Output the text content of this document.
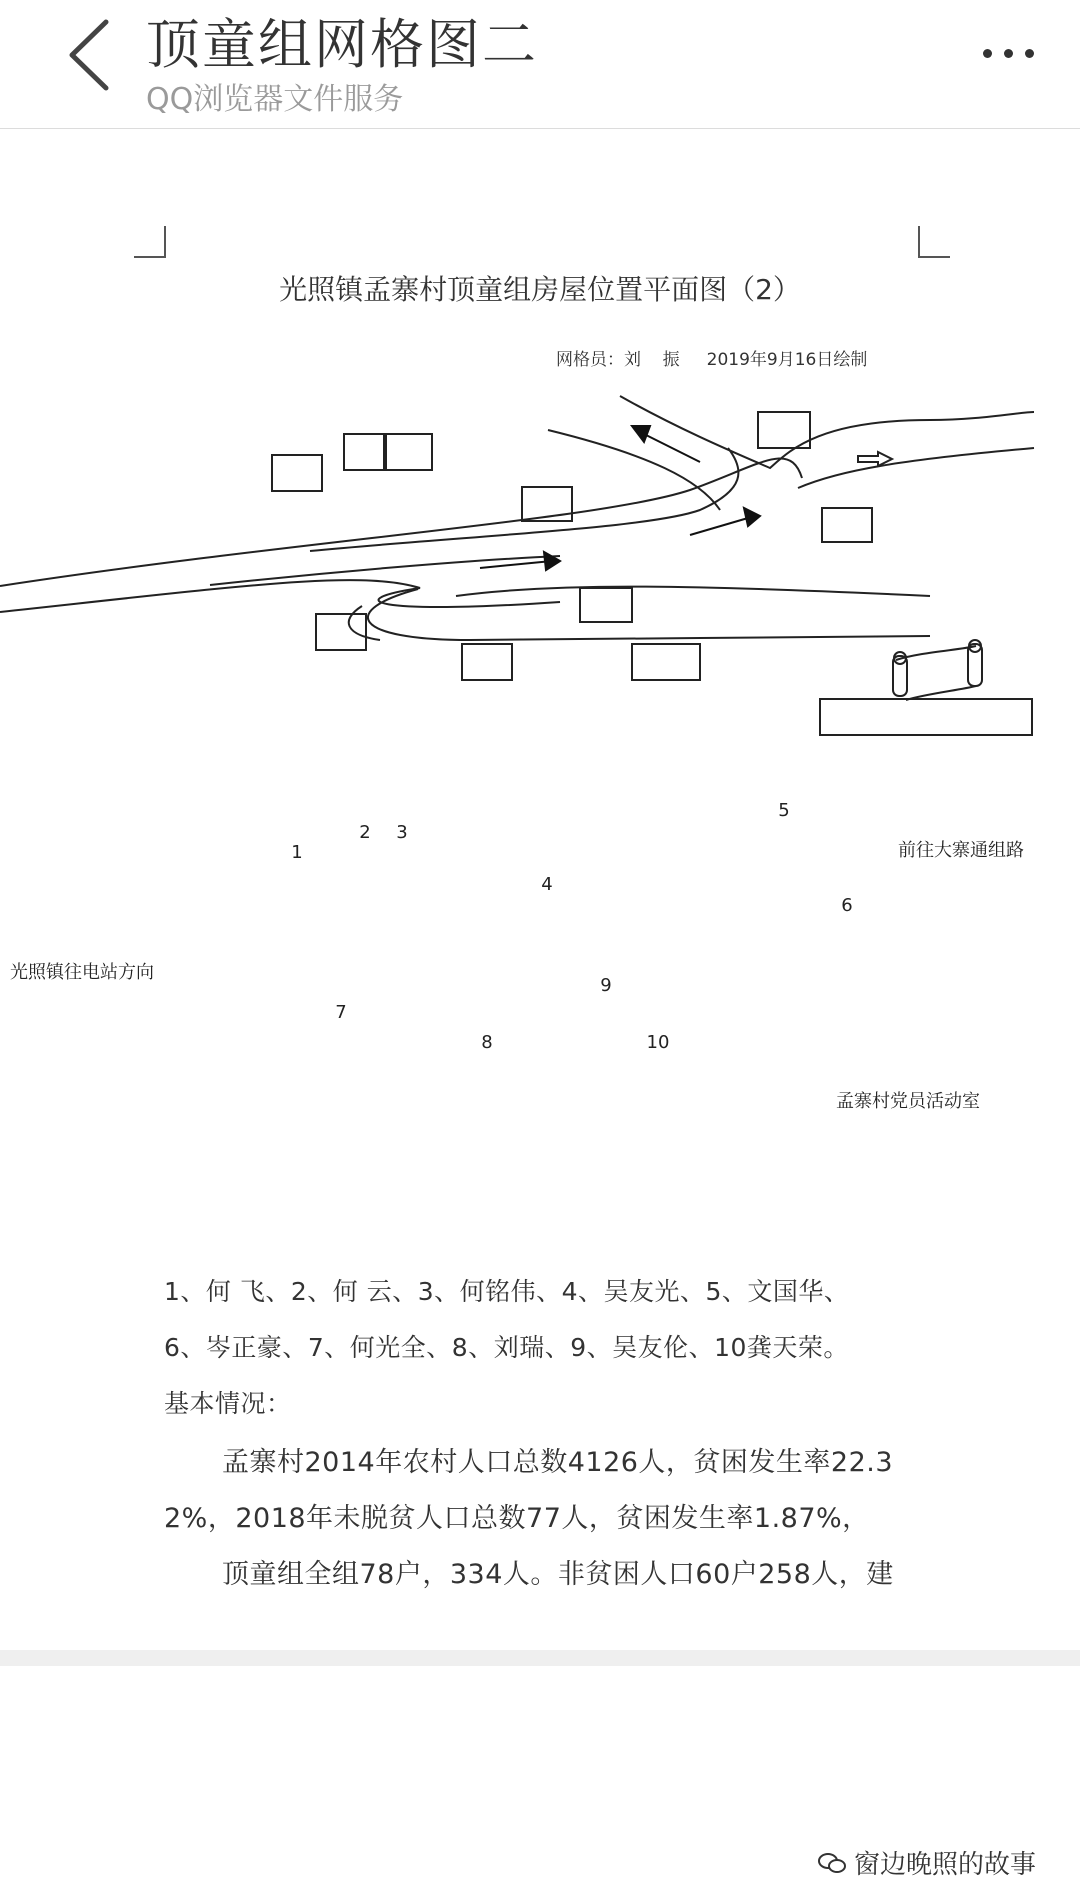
顶童组网格图二
QQ浏览器文件服务
光照镇孟寨村顶童组房屋位置平面图（2）
网格员：刘    振     2019年9月16日绘制
1
2	3
4
5
6
7
8
9
10
光照镇往电站方向
前往大寨通组路
孟寨村党员活动室
1、何 飞、2、何 云、3、何铭伟、4、吴友光、5、文国华、
6、岑正豪、7、何光全、8、刘瑞、9、吴友伦、10龚天荣。
基本情况：
孟寨村2014年农村人口总数4126人，贫困发生率22.3
2%，2018年未脱贫人口总数77人，贫困发生率1.87%，
顶童组全组78户，334人。非贫困人口60户258人，建
窗边晚照的故事
